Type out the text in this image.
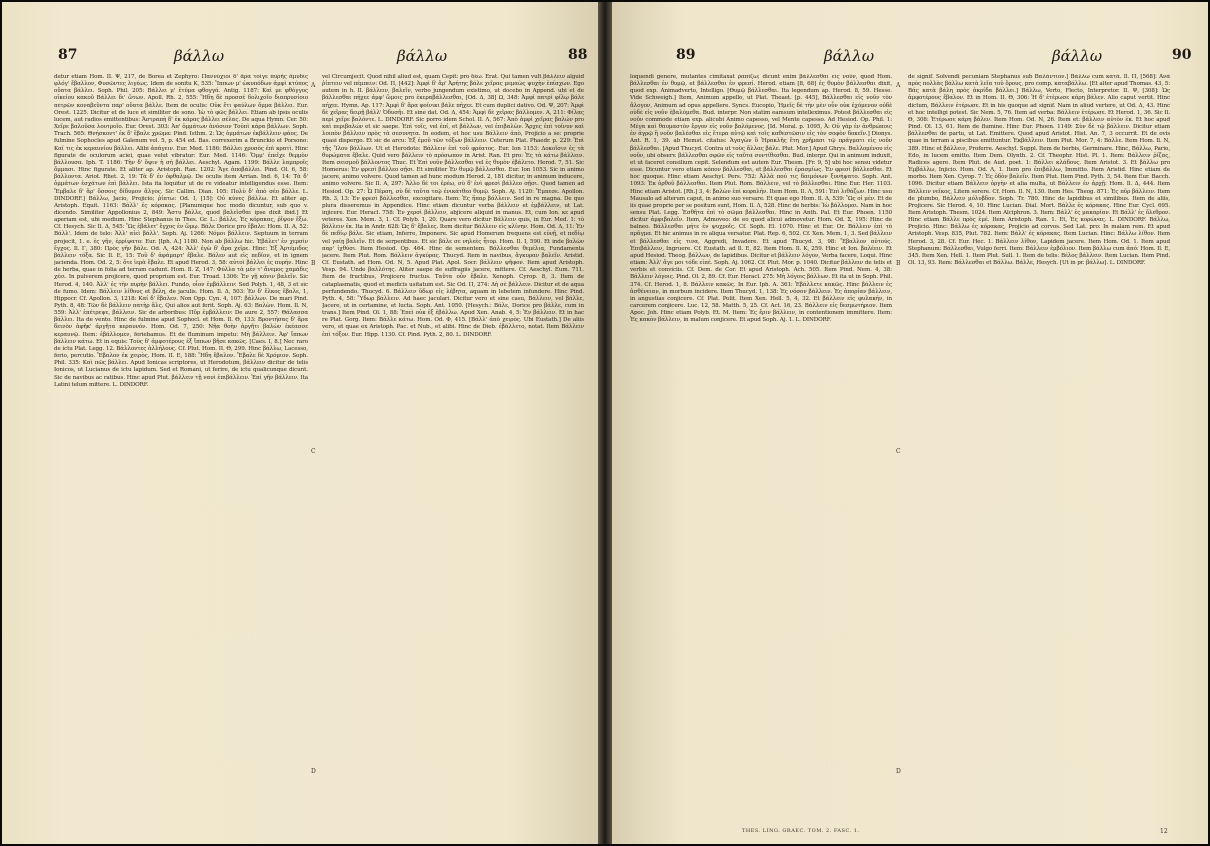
87	βάλλω	βάλλω	88
detur etiam Hom. II. Ψ, 217, de Borea et Zephyro: Παννύχιοι δ' ἄρα τοίγε πυρῆς ἄμυδις φλόγ' ἔβαλλον, Φυσῶντες λιγέως. Idem de sonitu K, 535: Ἵππων μ' ὠκυπόδων ἀμφὶ κτύπος οὔατα βάλλει. Soph. Phil. 205: Βάλλει μ' ἐτύμα φθογγά. Antig. 1187: Καὶ με φθόγγος οἰκείου κακοῦ Βάλλει δι' ὤτων. Apoll. Rh. 2, 555: Ἤδη δὲ προσσέ δολιχοῖο διαπρυσίοιο πετρῶν κοναβεῦντα παρ' οὔατα βάλλε. Item de oculis: Οὐκ ἔτι φαύλων ὄμμα βάλλει. Eur. Orest. 1225. Dicitur et de luce et similiter de sono. Ἰὼ τὸ φῶς βάλλει. Etiam ab ipsis oculis lucem, aut radios emittentibus: Ἀστραπὴ δ' ἐκ κάρας βάλλει σέλας. De aqua Hymn. Cer. 50: Χεῖρε βαλοῦσα λουτροῖο. Eur. Orest. 303: Ἀπ' ὀμμάτων ἀνόσιον Τοὐπὶ κάρα βάλλων. Soph. Trach. 565: Θνήσκοντ' ἐκ δ' ἔβαλε χρῶμα: Pind. Isthm. 2: Ὡς ὀμμάτων ἐκβάλλειν φάος. De fulmine Sophocles apud Galenum vol. 5, p. 454 ed. Bas. correxerim a Brunckio et Porsono: Καί τις ἐκ κεραυνίου βάλλει. Alibi ἀπάγειν. Eur. Med. 1186: Βάλλει χρυσὸς ἐπὶ κρατὶ. Hinc figurate de oculorum aciei, quae velut vibratur: Eur. Med. 1146: Ὄμμ' ἐπεῖχε θερμὸν βάλλουσα. Iph. T. 1186: Τὴν δ' ὄψιν ἡ σὴ βάλλει. Aeschyl. Agam. 1199: Βάλλε λαμπροῖς ὄμμασι. Hinc figurate. Et aliter ap. Aristoph. Ran. 1202: Ἄγε ἀποβάλλει. Pind. Ol. 6, 58: βάλλοντα. Ariot. Rhet. 2, 19: Τὰ δ' ἐν ὀφθαλμῷ. De oculis item Arrian. Ind. 6, 14: Τὰ δ' ὀμμάτων ἐσχάτων ἐπὶ βάλλει. Ista ita loquitur ut de re videatur intelligendus esse. Item: Ἔμβαλε δ' ἄρ' ὄσσοις δίδυμον ἄλγος. Sic Callim. Dian. 105: Πολὺ δ' ἀπὸ σέο βάλλε. L. DINDORF.] Βάλλω, Jacio, Projicio; ῥίπτω: Od. I, [15]: Οὐ κύνες βάλλω. Et aliter ap. Aristoph. Equit. 1163: Βάλλ' ἐς κόρακας. [Planumque hoc modo dicuntur, sub quo v. dicendo. Similiter Appollonius 2, 849: Ἄστυ βάλλε, quod βαλεῖσθαι ipse dixit ibid.] Et aperiam est, ubi medium. Hinc Stephanus in Thes. Gr. L.: βάλλε, Ἐς κόρακας, ῥῖψον ἔξω. Cf. Hesych. Sic Il. Δ, 545: Ὢς ἐβάλετ' ἔγχος ἐν ὤμῳ. Βάλε Dorice pro ἔβαλε: Hom. II. Α, 52: Βάλλ'. Idem de telo: Ἀλλ' αἰεὶ βάλλ'. Soph. Aj. 1266: Νόμοι βάλλειν. Septuum in terram projecit, 1. e. ἐς γῆν, ἐρρίψατο: Eur. [Iph. A.] 1180. Non ab βάλλω hic. Ἐβάλετ' ἐν χερσὶν ἔγχος. Il. Γ, 380: Πρὸς γῆν βάλε. Od. Λ, 424: Ἀλλ' ἐγὼ δ' ἄρα χεῖρε. Hinc: Ἐξ Ἀρτέμιδος βάλλειν τόξα. Sic Il. Ε, 15: Τοῦ δ' ἀφάμαρτ' ἔβαλε. Βάλεν aut εἰς πεδίον, et in ignem jacienda. Hom. Od. 2, 5: ὅτε ἱερὰ ἔβαλε. Et apud Herod. 3, 58: αὐτοὶ βάλλει ἐς πυρήν. Hinc de herba, quae in folia ad terram cadunt. Hom. Il. Ζ, 147: Φύλλα τὰ μέν τ' ἄνεμος χαμάδις χέει. In pulverem projicere, quod proprium est. Eur. Troad. 1306: Ἐν γῇ κόνιν βαλεῖν. Sic Herod. 4, 140. Ἀλλ' ἐς τὴν πυρὴν βάλλει. Fundo, οἷον ἐμβάλλειν: Sed Polyb. 1, 48, 3 et sic de fumo. Idem: Βάλλειν λίθους et βέλη, de jaculis. Hom. Il. Δ, 503: Ἐν δ' ἕλκος ἔβαλε, 1, Hippocr. Cf. Apollon. 3, 1218: Καί δ' ἔβαλεν. Non Opp. Cyn. 4, 107: βάλλων. De mari Pind. Pyth. 8, 48: Τῶν δὲ βάλλειν πατὴρ ἅλς. Qui alios aut ferit. Soph. Aj. 63: Βαλὼν. Hom. Il. Ν, 559: Ἀλλ' ἐπέτρεψε, βάλλειν. Sic de arboribus: Πῦρ ἐμβάλλειν: De aure 2, 557: Θάλασσα βάλλει. Ita de vento. Hinc de fulmine apud Sophocl. et Hom. Il. Θ, 133: Βροντήσας δ' ἄρα δεινὸν ἀφῆκ' ἀργῆτα κεραυνόν. Hom. Od. 7, 250: Νῆα θοὴν ἀργῆτι βαλὼν ἐκέασσε κεραυνῷ. Item: ἐβάλλομεν, feriebamus. Et de fluminum impetu: Μὴ βάλλειν. Ἀφ' ἵππων βάλλειν κάτω. Et in equis: Τοὺς δ' ἀμφοτέρους ἐξ ἵππων βῆσε κακῶς. [Caes. I, 8.] Nec raro de ictu Plat. Legg. 12. Βάλλοντες ἀλλήλους. Cf. Plut. Hom. II. Θ, 299. Hinc βάλλω, Lacesso, ferio, percutio. Ἔβαλον ἐκ χειρὸς. Hom. II. Ε, 188: Ἤδη ἔβαλον. Ἔβαλε δὲ Χρόμιον. Soph. Phil. 335: Καὶ πῶς βάλλει. Apud Ionicas scriptores, ut Herodotum, βάλλειν dicitur de telis Ionicos, ut Lucianus de ictu lapidum. Sed et Romani, ut ferire, de ictu qualicunque dicunt. Sic de navibus ac ratibus. Hinc apud Plut. βάλλειν τῇ ναυὶ ἐπιβάλλειν. Ἐπὶ γῆν βάλλειν. Ita Latini telum mittere. L. DINDORF.
A
B
C
D
vel Circumjecit. Quod nihil aliud est, quam Cepit: pro δέω. Erat. Qui tamen vult βάλλειν alguid ῥίπτειν vel πέμπειν: Od. Π, [442]: Ἀμφὶ δ' ἄρ' Ἀρήτης βάλε χεῖρας μεμαὼς ψυχὴν ἐπίσχων. Ego autem in h. II. βάλλειν, βαλεῖν, verbo jungendum existimo, ut docebo in Append. ubi et de βάλλεσθαι πήχεε ἀμφ' ὤμοις pro ἐκεραβάλλεσθαι, [Od. Δ, 38] Ω, 348: Ἀμφὶ πατρὶ φίλῳ βάλε πήχεε. Hymn. Ap. 117: Ἀμφὶ δ' ἄρα φοίνικι βάλε πήχεε. Et cum duplici dativo. Od. Ψ, 207: Ἀμφὶ δὲ χεῖρας δειρῇ βάλλ' Ὀδυσῆι. Et sine dat. Od. Δ, 454: Ἀμφὶ δὲ χεῖρας βάλλομεν. Α, 211: Φίλας περὶ χεῖρε βαλόντε. L. DINDORF. Sic porro idem Schol. II. Λ, 567: Ἀπὸ ἀμφὶ χεῖρας βαλών pro καὶ περιβαλών et sic saepe. Ἐπὶ τοῖς, vel ἐπί, et βάλλων, vel ἐπιβαλὼν. Ἄρχες ἐπὶ τοίνυν καὶ λοιπὸν βάλλειν πρὸς τὰ σεσυνητα. In eodem, et hoc usu Βάλλειν ἀπὸ, Projicio a se: proprie quasi dispergo. Et sic de arcu: Ἐξ ἐμοῦ τῶν τόξων βάλλειν. Ceterum Plat. Phaedr. p. 229: Ἐπὶ τῆς Ἴλου βάλλων. Ut et Herodoto: Βάλλειν ἐπὶ τοῦ φρέατος. Eur. Ion 1153: Δοκοῖσιν ἐς τὰ θυρώματα ἔβαλε. Quid vero βάλλειν τὸ πρόσωπον in Arist. Ran. Et pro: Ἐς τὰ κάτω βάλλειν. Item σεισμοῦ βάλλοντος Thuc. Et Ἐπὶ νοῦν βάλλεσθαι vel ἐς θυμὸν ἐβάλετο. Herod. 7, 51. Sic Homerus: Ἐν φρεσὶ βάλλεο σῇσι. Et similiter Ἐν θυμῷ βάλλεσθαι. Eur. Ion 1053. Sic in animo jacere, animo volvere. Quod tamen ad hunc modum Herod. 2, 181 dicitur, in animum inducere, animo volvere. Sic Il. Α, 297: Ἄλλο δέ τοι ἐρέω, σὺ δ' ἐνὶ φρεσὶ βάλλεο σῇσι. Quod tamen ad Hesiod. Op. 27: Ὦ Πέρση, σὺ δὲ ταῦτα τεῷ ἐνικάτθεο θυμῷ. Soph. Aj. 1120: Ἔμπεσε. Apollon. Rh. 3, 13: Ἐν φρεσὶ βάλλεσθαι, excogitare. Item: Ἐς ἥπαρ βάλλειν. Sed in re magna. De quo plura disseremus in Appendice. Hinc etiam dicuntur verba βάλλειν et ἐμβάλλειν, ut Lat. injicere. Eur. Heracl. 758: Ἐν χερσὶ βάλλειν, abjicere aliquid in manus. Et, cum Ion. κε apud veteres. Xen. Mem. 3, 1. Cf. Polyb. 1, 20. Quare vero dicitur Βάλλειν quis, in Eur. Med. 1: τὸ βάλλειν ἐκ. Ita in Andr. 628: Ὡς δ' ἔβαλες. Item dicitur Βάλλειν εἰς κλίνην. Hom. Od. Δ, 11: Ἐν δὲ πεδίῳ βάλε. Sic etiam, Inferre, Imponere. Sic apud Homerum frequens est εὐνῇ, et πεδίῳ vel γαίῃ βαλεῖν. Et de serpentibus. Et sic βάλε σε νηλεὲς ἦτορ. Hom. Il. Ι, 590. Et inde βαλὼν παρ' ἰχθύσι. Item Hesiod. Op. 464. Hinc de sementem. Βάλλεσθαι θεμέλια, Fundamenta jacere. Item Plut. Rom. Βάλλειν ἀγκύρας. Thucyd. Item in navibus, ἄγκυραν βαλεῖν. Aristid. Cf. Eustath. ad Hom. Od. Ν, 5. Apud Plat. Apol. Socr. βάλλειν ψῆφον. Item apud Aristoph. Vesp. 94. Unde βαλλότης. Aliter saepe de suffragiis jacere, mittere. Cf. Aeschyl. Eum. 711. Item de fructibus, Projicere fructus. Ταῦτα οὖν ἔβαλε. Xenoph. Cyrop. 8, 3. Item de cataplasmatis, quod et medicis usitatum est. Sic Od. Π, 274: Δὴ σὲ βάλλειν. Dicitur et de aqua perfundendo. Thucyd. 6. Βάλλειν ὕδωρ εἰς λέβητα, aquam in lebetem infundere. Hinc Pind. Pyth. 4, 58: Ὕδωρ βάλλειν. Ad haec jaculari. Dicitur vero et sine casu, Βάλλειν, vel βάλλε, Jacere, ut in certamine, et lucta. Soph. Ant. 1050. [Hesych.: Βάλε, Dorice pro βάλλε, cum in trans.] Item Pind. Ol. 1, 88: Ἐπεὶ οὐκ ἐξ ἐβάλλω. Apud Xen. Anab. 4, 5: Ἐν βάλλειν. Et in hac re Plat. Gorg. Item: Βάλλε κάτω. Hom. Od. Φ, 415. [Βάλλ' ἀπὸ χειρὸς. Ubi Eustath.] De aliis vero, et quae ex Aristoph. Pac. et Nub., et alibi. Hinc de Dieb. ἐβάλλετο, notat. Item Βάλλειν ἐπὶ τόξον. Eur. Hipp. 1130. Cf. Pind. Pyth. 2, 80. L. DINDORF.
89	βάλλω	βάλλω	90
loquendi genere, mutantes cimitaxat ῥαπίζω; dicunt enim βάλλεσθαι εἰς νοῦν, quod Hom. βάλλεσθαι ἐν θυμῷ, et βάλλεσθαι ἐν φρεσί. Herod. etiam [8, 68] ἐς θυμὸν βάλλεσθαι dixit, quod exp. Animadverto, Intelligo. [Θυμῷ βάλλεσθαι. Ita legendum ap. Herod. 8, 59. Hesse. Vide Schweigh.] Item, Animum appello, ut Plat. Theaet. [p. 445], Βάλλεσθαι εἰς νοῦν τὸν ἄλογον, Animum ad opus appellere. Syncs. Eucopio, Ἡμεῖς δὲ τὴν μὲν οὖν οὐκ ἐχόμενον οὐδὲ οὐδὲ εἰς νοῦν ἐβαλόμεθα. Bud. interpr. Non statim eamsum intelleximus. Potest βάλλεσθαι εἰς νοῦν commode etiam exp. alicubi Animo capesso, vel Mente capesso. Ad Hesiod. Op. Phil. 1: Μέγα καὶ θαυμαστὸν ἔργον εἰς νοῦν βαλόμενος. [Id. Moral. p. 1095, Ἀ: Οὐ γὰρ ἐν ἀνθρώποις ἐν ἀγρῷ ἢ νοῦν βαλέσθαι εἰς ἕτερα αὐτῷ καὶ τοῖς καθεστῶσιν εἰς τὸν σοφὸν δοκεῖν.] Dionys. Ant. R. 1, 39. ab Hemst. citatus: Ἀγαγὼν ὃ Ἡρακλῆς ἔτη χρῆμασι τῷ πράγματι εἰς νοῦν βάλλεσθαι. [Apud Thucyd. Contra ut τοὺς ἄλλας βάλε. Plut. Mor.] Apud Ghrys. Βαλλομένου εἰς νοῦν, ubi observ. βάλλεσθαι σφῶν εἰς ταῦτα συντίθεσθαι. Bud. interpr. Qui in animum induxit, et ut faceret consilium cepit. Selendum est autem Eur. Thesm. [Fr. 9, 5] ubi hoc sensu videtur esse. Dicuntur vero etiam κόπον βάλλεσθαι, et βάλλεσθαι ἐρασμίως. Ἐν φρεσὶ βάλλεσθαι. Et hoc quoque. Hinc etiam Aeschyl. Pers. 752: Ἀλλὰ πού τις δαιμόνων ξυνήψατο. Soph. Ant. 1093: Ἐκ ὀρθοῦ βάλλεσθαι. Item Plut. Rom. Βάλλειν, vel τὸ βάλλεσθαι. Hinc Eur. Her. 1103. Hinc etiam Aristot. [Rh.] 3, 4: βαλὼν ἐπὶ κεφαλήν. Item Hom. Il. Λ, 591: Ἐπὶ λιθάζων. Hinc usu Mausalo ad alterum caput, in animo suo versare. Et quae ego Hom. Il. Δ, 539: Ὣς οἱ μὲν. Et de iis quae proprie per se positum sunt, Hom. Il. Λ, 528. Hinc de herbis: Ἰὼ βάλλομαι. Nam in hoc sensu Plat. Legg. Ἐσθῆτα ἐπὶ τὸ σῶμα βάλλεσθαι. Hinc in Anth. Pal. Et Eur. Phoen. 1150 dicitur ἀμφιβαλεῖν. Item, Admoveo: de eo quod alicui admovetur. Hom. Od. Σ, 195: Hinc de balneo. Βάλλεσθαι μήτε ἐν ψυχροῖς. Cf. Soph. El. 1070. Hinc et Eur. Or. Βάλλειν ἐπὶ τὸ πρᾶγμα. Et hic animus in re aliqua versatur. Plat. Rep. 6, 502. Cf. Xen. Mem. 1, 3. Sed βάλλειν et βάλλεσθαι εἰς τινα, Aggredi, Invadere. Et apud Thucyd. 3, 98: Ἔβαλλον αὐτούς. Ἐπιβάλλειν, Ingruere. Cf. Eustath. ad Il. Ε, 82. Item Hom. Il. Κ, 259. Hinc et Ion. βαλέειν. Et apud Hesiod. Theog. βάλλων, de lapidibus. Dicitur et βάλλειν λόγον, Verba facere, Loqui. Hinc etiam: Ἀλλ' ἄγε μοι τόδε εἰπέ. Soph. Aj. 1062. Cf. Plut. Mor. p. 1040. Dicitur βάλλειν de telis et verbis et conviciis. Cf. Dem. de Cor. Et apud Aristoph. Ach. 505. Item Pind. Nem. 4, 38: Βάλλειν λόγοις. Pind. Ol. 2, 89. Cf. Eur. Heracl. 275: Μὴ λόγοις βάλλων. Et ita ut in Soph. Phil. 374. Cf. Herod. 1, 8. Βάλλειν κακῶς. In Eur. Iph. A. 361: Ἐβάλλετε κακῶς. Hinc βάλλειν ἐς ἀσθένειαν, in morbum incidere. Item Thucyd. 1, 138: Ἐς νόσον βάλλειν. Ἐς ἀπορίαν βάλλειν, in angustias conjicere. Cf. Plat. Polit. Item Xen. Hell. 5, 4, 32. Et βάλλειν εἰς φυλακήν, in carcerem conjicere. Luc. 12, 58. Matth. 5, 25. Cf. Act. 16, 23. Βάλλειν εἰς δεσμωτήριον. Item Apoc. Joh. Hinc etiam Polyb. Et. M. Item: Ἐς ἔριν βάλλειν, in contentionem immittere. Item: Ἐς κακὸν βάλλειν, in malum conjicere. Et apud Soph. Aj. 1. L. DINDORF.
A
B
C
D
de signif. Solvendi pecuniam Stephanus sub Βαλάντιον.] Βάλλω cum κατὰ. Il. Π, [568]: Ἀνὰ πρὸς πολλὰς βάλλω κατὰ λεῖα τοῦ ὄρους, pro comp. καταβάλλω. [Et alter apud Thomas. 43, 5: Βάς κατὰ βάλη πρὸς ἀκρίδα βάλλει.] Βάλλω, Verto, Flecto, Interpretor. II. Ψ, [308]: Ὡς ἀμφοτέρους ἔβαλον. Et in Hom. II. Θ, 306: Ἡ δ' ἑτέρωσε κάρη βάλεν. Alio caput vertit. Hinc dictum, Βάλλειν ἑτέρωσε. Et in his quoque ad signif. Nam in aliud vertere, ut Od. Δ, 43. Hinc et hoc intelligi potest. Sic Nem. 5, 76. Item ad verba: Βάλλειν ἑτέρωσε. Et Herod. 1, 36. Sic Il. Θ, 308: Ἑτέρωσε κάρη βάλεν. Item Hom. Od. Ν, 26. Item et: βάλλειν αὐτὸν ἐκ. Et hoc apud Pind. Ol. 13, 61. Item de flumine. Hinc Eur. Phoen. 1149: Σὺν δὲ τῷ βάλλειν. Dicitur etiam βάλλεσθαι de partu, ut Lat. Emittere. Quod apud Aristot. Hist. An. 7, 3 occurrit. Et de ovis quae in terram a piscibus emittuntur. Ἐκβάλλειν. Item Plut. Mor. 7, 4: Βάλλε. Item Hom. Il. Ν, 389. Hinc et βάλλειν, Proferre. Aeschyl. Suppl. Item de herbis, Germinare. Hinc, Βάλλω, Pario, Edo, in lucem emitto. Item Dem. Olynth. 2. Cf. Theophr. Hist. Pl. 1. Item: Βάλλειν ῥίζας, Radices agere. Item Plut. de Aud. poet. 1: Βάλλει κλάδους. Item Aristot. 3. Et βάλλω pro Ἐμβάλλω, Injicio. Hom. Od. Λ, 1. Item pro ἐπιβάλλω, Immitto. Item Aristid. Hinc etiam de morbo. Item Xen. Cyrop. 7: Ἐς ὁδὸν βαλεῖν. Item Plut. Item Pind. Pyth. 3, 54. Item Eur. Bacch. 1096. Dicitur etiam Βάλλειν ὀργὴν et alia multa, ut Βάλλειν ἐν ἀρχῇ: Hom. Il. Δ, 444. Item Βάλλειν νεῖκος, Litem serere. Cf. Hom. Il. Ν, 130. Item Hes. Theog. 871: Ἐς πῦρ βάλλειν. Item de plumbo, Βάλλειν μόλυβδον. Soph. Tr. 780. Hinc de lapidibus et similibus. Item de aliis, Projicere. Sic Herod. 4, 10. Hinc Lucian. Dial. Mort. Βάλλε ἐς κόρακας. Hinc Eur. Cycl. 695. Item Aristoph. Thesm. 1024. Item Alciphron. 3. Item: Βάλλ' ἐς μακαρίαν. Et Βάλλ' ἐς ὄλεθρον. Hinc etiam Βάλλε πρὸς ἐμέ. Item Aristoph. Ran. 1. Et, Ἐς κορώνας. L. DINDORF. Βάλλω, Projicio. Hinc: Βάλλω ἐς κόρακας, Projicio ad corvos. Sed Lat. pro: In malam rem. Et apud Aristoph. Vesp. 835, Plut. 782. Item: Βάλλ' ἐς κόρακας. Item Lucian. Hinc: Βάλλω λίθον. Item Herod. 3, 28. Cf. Eur. Hec. 1. Βάλλειν λίθον, Lapidem jacere. Item Hom. Od. 1. Item apud Stephanum: Βάλλεσθαι, Vulgo ferri. Item: Βάλλειν ἐμβόλιον. Item βάλλω cum ἀπό: Hom. Il. Ε, 345. Item Xen. Hell. 1. Item Plut. Sull. 1. Item de telis: Βέλος βάλλειν. Item Lucian. Item Pind. Ol. 13, 93. Item: Βάλλεσθαι et Βάλλω. Βάλλε, Hesych. [Ut in pr. βάλλω]. L. DINDORF.
THES. LING. GRAEC. TOM. 2. FASC. 1.	12
